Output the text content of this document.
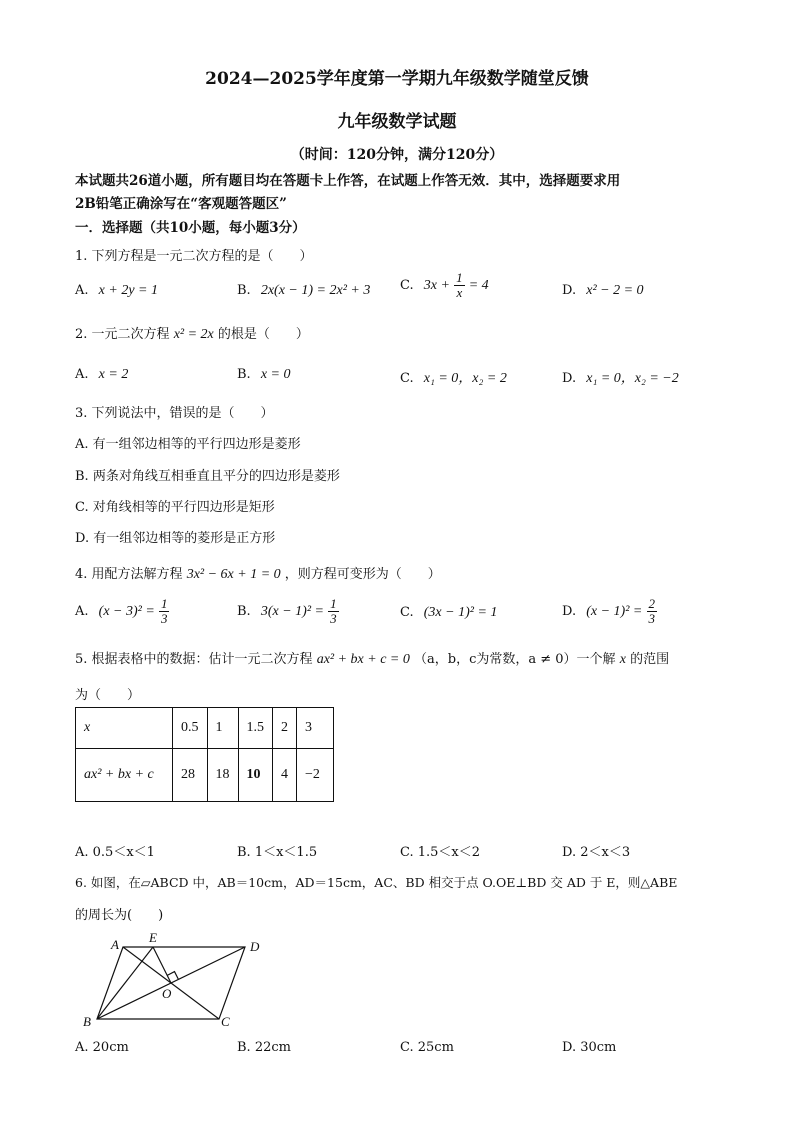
2024—2025学年度第一学期九年级数学随堂反馈
九年级数学试题
（时间：120分钟，满分120分）
本试题共26道小题，所有题目均在答题卡上作答，在试题上作答无效．其中，选择题要求用
2B铅笔正确涂写在“客观题答题区”
一．选择题（共10小题，每小题3分）
1. 下列方程是一元二次方程的是（　　）
A. x + 2y = 1	B. 2x(x − 1) = 2x² + 3 C. $3x + \frac{1}{x} = 4$	D. x² − 2 = 0
2. 一元二次方程 x² = 2x 的根是（　　）
A. x = 2	B. x = 0	C. x₁ = 0，x₂ = 2	D. x₁ = 0，x₂ = −2
3. 下列说法中，错误的是（　　）
A. 有一组邻边相等的平行四边形是菱形
B. 两条对角线互相垂直且平分的四边形是菱形
C. 对角线相等的平行四边形是矩形
D. 有一组邻边相等的菱形是正方形
4. 用配方法解方程 3x² − 6x + 1 = 0 ，则方程可变形为（　　）
A. $(x - 3)^2 = \frac{1}{3}$	B. $3(x - 1)^2 = \frac{1}{3}$	C. (3x − 1)² = 1	D. $(x - 1)^2 = \frac{2}{3}$
5. 根据表格中的数据：估计一元二次方程 ax² + bx + c = 0 （a，b，c为常数，a ≠ 0）一个解 x 的范围
为（　　）
x	0.5	1	1.5	2	3
ax² + bx + c	28	18	10	4	−2
A. 0.5＜x＜1	B. 1＜x＜1.5	C. 1.5＜x＜2	D. 2＜x＜3
6. 如图，在▱ABCD 中，AB＝10cm，AD＝15cm，AC、BD 相交于点 O.OE⊥BD 交 AD 于 E，则△ABE
的周长为(　　)
A E
D
O
B	C
A. 20cm	B. 22cm	C. 25cm	D. 30cm
